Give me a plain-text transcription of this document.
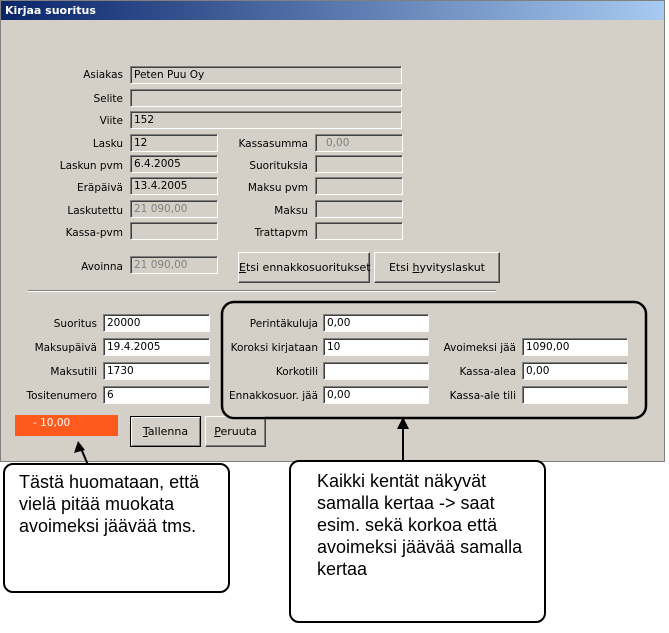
Kirjaa suoritus
Asiakas	Peten Puu Oy
Selite
Viite	152
Lasku	12
Laskun pvm	6.4.2005
Eräpäivä	13.4.2005
Laskutettu	21 090,00
Kassa-pvm
Avoinna	21 090,00
Kassasumma	0,00
Suorituksia
Maksu pvm
Maksu
Trattapvm
Etsi ennakkosuoritukset	Etsi hyvityslaskut
Suoritus 20000
Maksupäivä 19.4.2005
Maksutili 1730
Tositenumero 6
Perintäkuluja 0,00
Koroksi kirjataan 10
Korkotili
Ennakkosuor. jää 0,00
Avoimeksi jää 1090,00
Kassa-alea 0,00
Kassa-ale tili
- 10,00
Tallenna	Peruuta
Tästä huomataan, että vielä pitää muokata avoimeksi jäävää tms.
Kaikki kentät näkyvät samalla kertaa -> saat esim. sekä korkoa että avoimeksi jäävää samalla kertaa
